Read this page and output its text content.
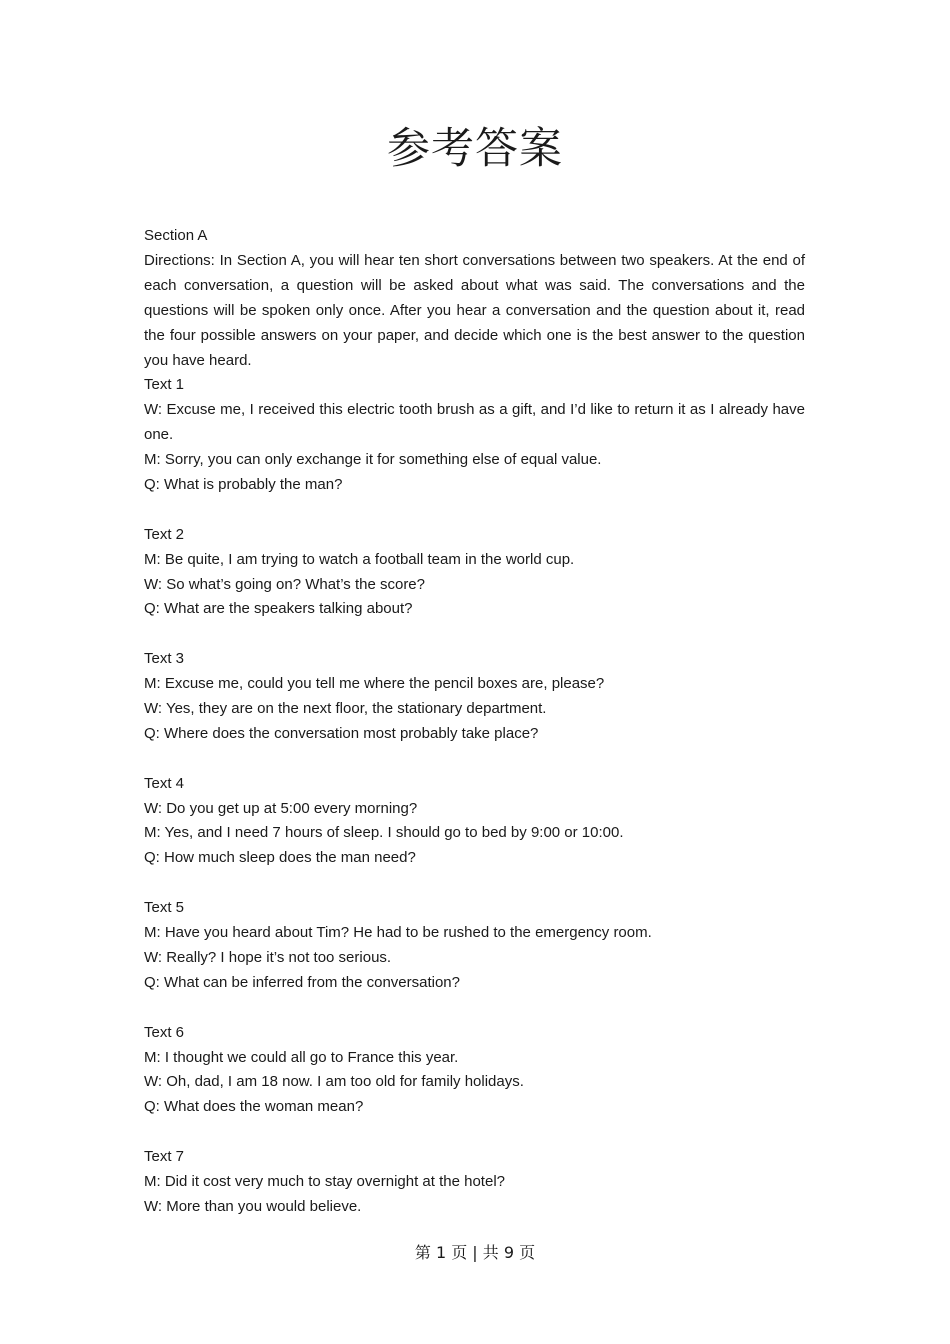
参考答案
Section A
Directions: In Section A, you will hear ten short conversations between two speakers. At the end of each conversation, a question will be asked about what was said. The conversations and the questions will be spoken only once. After you hear a conversation and the question about it, read the four possible answers on your paper, and decide which one is the best answer to the question you have heard.
Text 1
W: Excuse me, I received this electric tooth brush as a gift, and I’d like to return it as I already have one.
M: Sorry, you can only exchange it for something else of equal value.
Q: What is probably the man?
Text 2
M: Be quite, I am trying to watch a football team in the world cup.
W: So what’s going on? What’s the score?
Q: What are the speakers talking about?
Text 3
M: Excuse me, could you tell me where the pencil boxes are, please?
W: Yes, they are on the next floor, the stationary department.
Q: Where does the conversation most probably take place?
Text 4
W: Do you get up at 5:00 every morning?
M: Yes, and I need 7 hours of sleep. I should go to bed by 9:00 or 10:00.
Q: How much sleep does the man need?
Text 5
M: Have you heard about Tim? He had to be rushed to the emergency room.
W: Really? I hope it’s not too serious.
Q: What can be inferred from the conversation?
Text 6
M: I thought we could all go to France this year.
W: Oh, dad, I am 18 now. I am too old for family holidays.
Q: What does the woman mean?
Text 7
M: Did it cost very much to stay overnight at the hotel?
W: More than you would believe.
第 1 页 | 共 9 页
